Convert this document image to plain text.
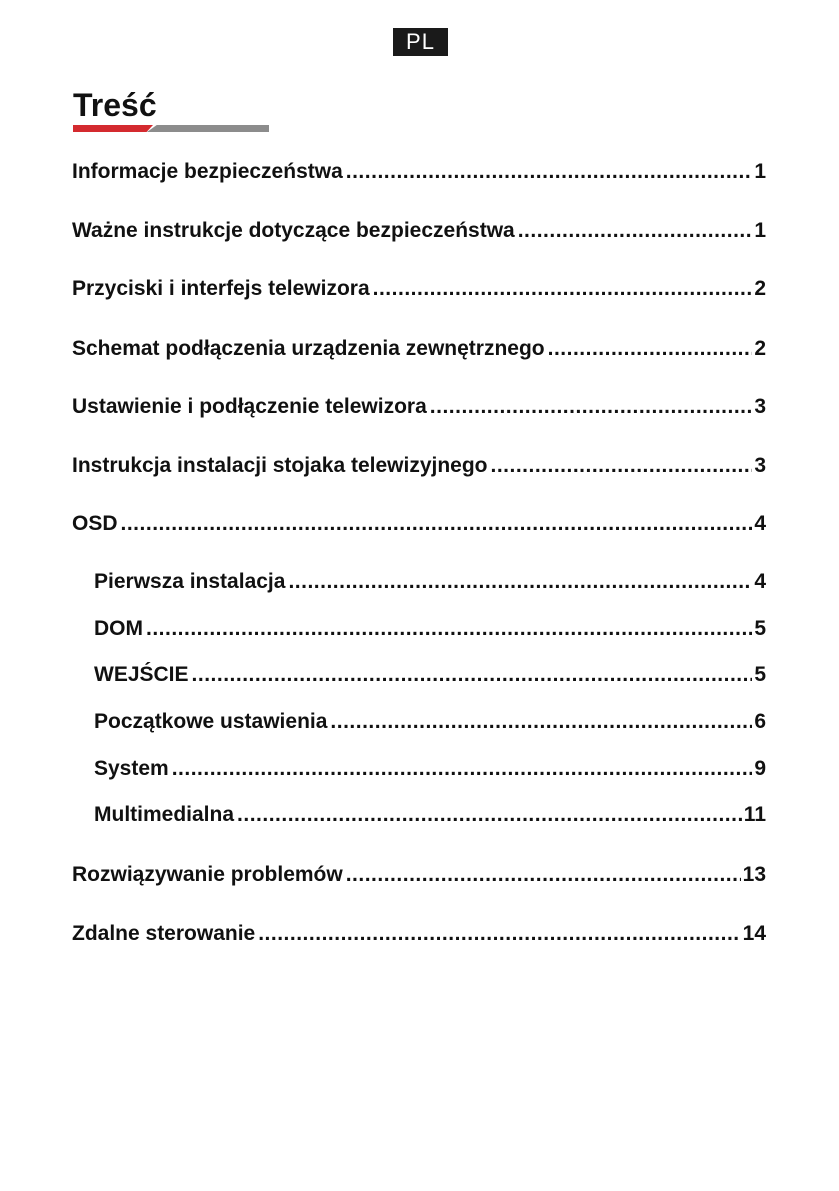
PL
Treść
Informacje bezpieczeństwa .....	1
Ważne instrukcje dotyczące bezpieczeństwa .....	1
Przyciski i interfejs telewizora .....	2
Schemat podłączenia urządzenia zewnętrznego .....	2
Ustawienie i podłączenie telewizora .....	3
Instrukcja instalacji stojaka telewizyjnego .....	3
OSD .....	4
Pierwsza instalacja .....	4
DOM .....	5
WEJŚCIE .....	5
Początkowe ustawienia .....	6
System .....	9
Multimedialna .....	11
Rozwiązywanie problemów .....	13
Zdalne sterowanie .....	14
